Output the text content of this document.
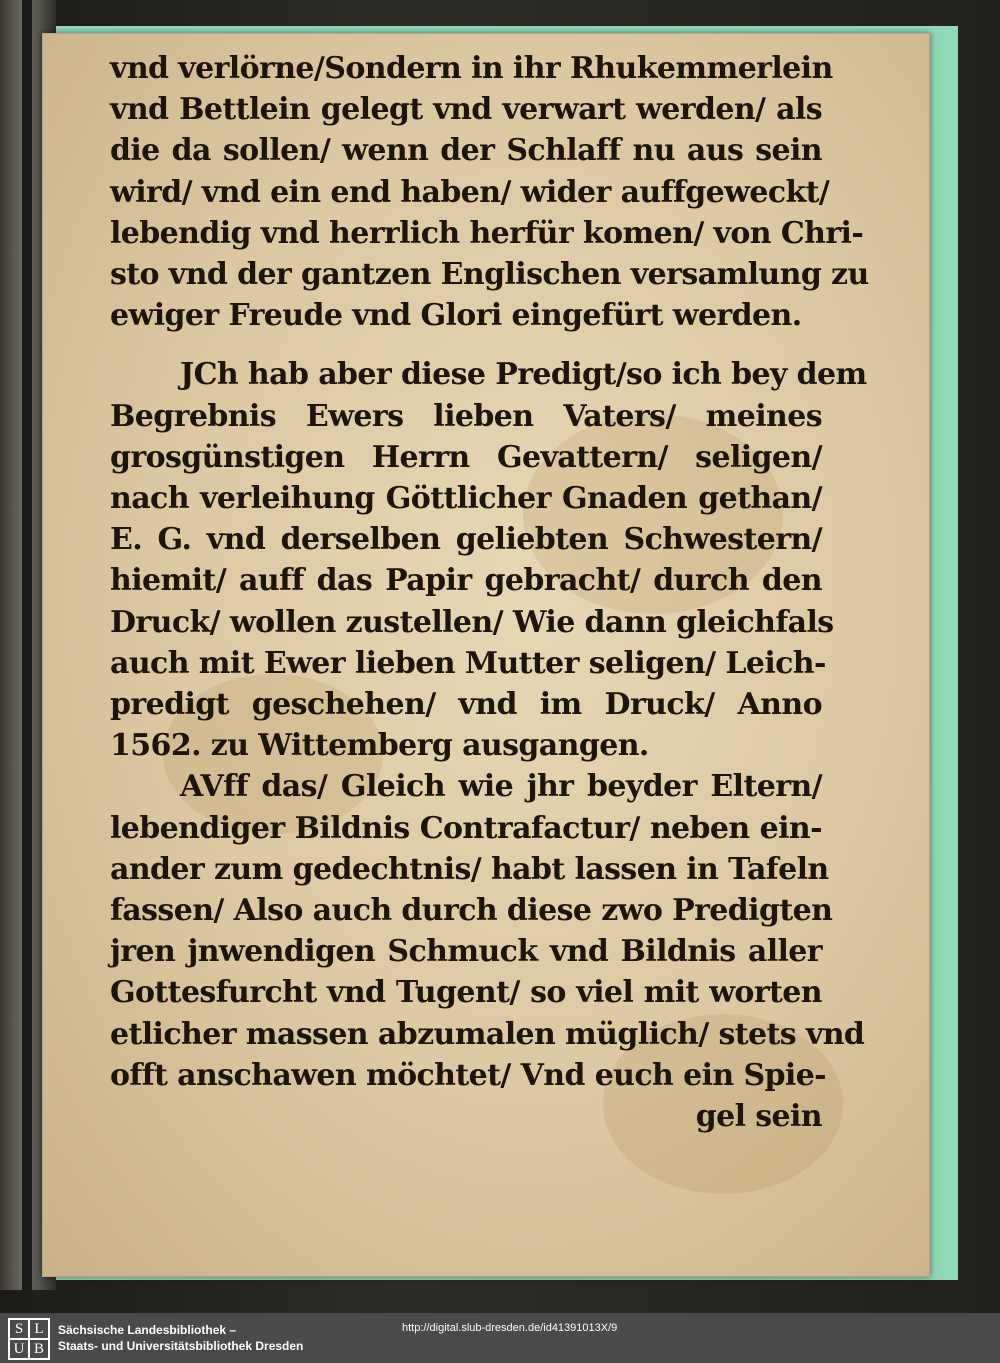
vnd verlörne/Sondern in ihr Rhukemmerlein
vnd Bettlein gelegt vnd verwart werden/ als
die da sollen/ wenn der Schlaff nu aus sein
wird/ vnd ein end haben/ wider auffgeweckt/
lebendig vnd herrlich herfür komen/ von Chri-
sto vnd der gantzen Englischen versamlung zu
ewiger Freude vnd Glori eingefürt werden.
JCh hab aber diese Predigt/so ich bey dem
Begrebnis Ewers lieben Vaters/ meines
grosgünstigen Herrn Gevattern/ seligen/
nach verleihung Göttlicher Gnaden gethan/
E. G. vnd derselben geliebten Schwestern/
hiemit/ auff das Papir gebracht/ durch den
Druck/ wollen zustellen/ Wie dann gleichfals
auch mit Ewer lieben Mutter seligen/ Leich-
predigt geschehen/ vnd im Druck/ Anno
1562. zu Wittemberg ausgangen.
AVff das/ Gleich wie jhr beyder Eltern/
lebendiger Bildnis Contrafactur/ neben ein-
ander zum gedechtnis/ habt lassen in Tafeln
fassen/ Also auch durch diese zwo Predigten
jren jnwendigen Schmuck vnd Bildnis aller
Gottesfurcht vnd Tugent/ so viel mit worten
etlicher massen abzumalen müglich/ stets vnd
offt anschawen möchtet/ Vnd euch ein Spie-
gel sein
S L
U B
Sächsische Landesbibliothek –
Staats- und Universitätsbibliothek Dresden
http://digital.slub-dresden.de/id41391013X/9
